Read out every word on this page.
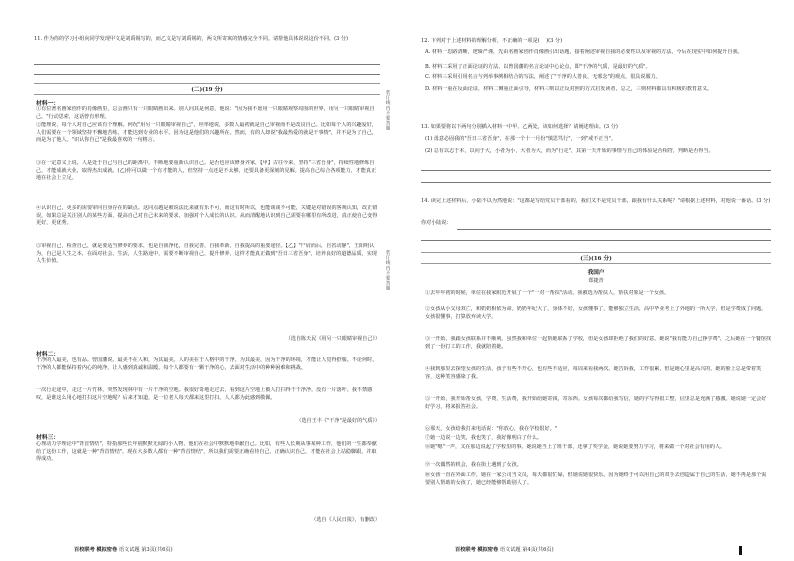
11. 作为你的学习小组向同学发现甲文是刘禹锡写的，而乙文是写刘禹锡的，两文所寄寓的情感完全不同。请帮他具体说说这份不同。(3 分)
(二)(19 分)
材料一：
①有位著名画家创作的肖像画里，总会画只有一只眼睛画出来。别人问其是何意，他说："因为我不愿用一只眼睛观察周围的世界，用另一只眼睛审视自己。"行动思索，这话曾有形理。
②能理说，每个人对自己应该有个理解。何况"用另一只眼睛审视自己"，坦率地说，多数人最初就是自己审视而不是改良自己。比如每个人的兴趣爱好，人们需要在一个领域坚持不懈地苦练，才能达到专业的水平。因为这是他们的兴趣所在。然而，有的人却说"我最热爱的就是干事情"，并不是为了自己，而是为了他人。"识认你自己"是我最喜欢的一句格言。
③在一定意义上说，人是处于自己与自己的距离中。不断地要重新认识自己。是否也应该修身齐家，【甲】古往今来，坚持"三省吾身"，持续性地修炼自己，才能成就大业，取得杰出成就。(乙)你可以做一个有才能的人，但坚持一点还是不太够，还要具备更深刻的见解。提高自己综合各项能力，才能真正地在社会上立足。
④认识自己，更多的需要审问自身存在的缺点。这同点越是被说法比来就有乐不可，而这有时所以，也能谈谈不可能，关键是对错误的客观认知，改正错误，如果总是关注别人的某些方面，提高自己对自己未来的要求，加强对个人成长的认识。从而清醒地认识到自己需要在哪里有所改进，真正使自己变得更好，更优秀。
⑤审视自己，检查自己，就是要适当修养的要求，也是自我净化，自我完善，自我革新，自我提高的重要途径。【乙】"尸肩而后，自省动静"，王阳明认为，自己是人生之本，在面对社会、生活，人生路途中，需要不断审视自己，提升修养，这样才能真正做到"吾日三省吾身"，培养良好的道德品质，实现人生价值。
（选自陈天民《用另一只眼睛审视自己》）
材料二：
干净的人最美，也有品。曾国藩说，最美不在人和，为其最美。人的美在于人格中的干净。为其最美，因为干净的环境，才能让人觉得舒服。不论何时，干净的人都能保持着内心的纯净，让人感到真诚和温暖。每个人都要有一颗干净的心，去面对生活中的种种困难和挑战。
一次行走途中，走过一片竹林，突然发现林中有一片干净的空地。我很好奇地走过去，看到这片空地上被人打扫得干干净净，没有一片落叶。我不禁感叹，是谁这么用心地打扫这片空地呢？后来才知道，是一位老人每天都来这里打扫。人人都为此感到敬佩。
（选自王丰《"干净"是最好的气质》）
材料三：
心理动力学理论中"背首情结"，特指那些长年别默默无闻的小人物，他们在社会中默默地奉献自己。比如，有些人长期从事某种工作，他们的一生都奉献给了这份工作，这就是一种"背首情结"。现在大多数人都有一种"背首情结"，所以我们需要正确看待自己，正确认识自己，才能在社会上站稳脚跟，并取得成功。
（选自《人民日报》，有删改）
百校联考 模拟密卷 语文试题 第3页(共6页)
装订线内不要答题
装订线内不要答题
12. 下列对于上述材料的理解分析，不正确的一项是(    )(3 分)
A. 材料一思路清晰，逻辑严谨，先由名画家创作肖像画引出话题，接着阐述审视自我的必要性以及审视的方法，今后在现实中如何提升自我。
B. 材料二采用了正面论证的方法，以曾国藩的名言论证中心论点，即"干净的气质，是最好的气质"。
C. 材料三采用引用名言与列举事例相结合的写法，阐述了"干净的人善良，无邪念"的观点，很具说服力。
D. 材料一重在反面论证，材料二侧重正面引导，材料三则以正反对照的方式启发读者，总之，三则材料都具有积极的教育意义。
13. 如果要将以下两句分别插入材料一中甲、乙两处，该如何选择？请阐述理由。(3 分)
(1) 毋意必固我的"吾日三省吾身"，在那一个十一月份"慎思笃行"，一到"戒不正当"。
(2) 总有以志于本，以向于大，小者为小，大者为大，而为"行走"，其第一天开始的事情与自己的体验是否相符，判断是否得当。
14. 读完上述材料后，小陆不以为然地说："这都是写给党员干部看的，我们又不是党员干部，跟我有什么关系呢？"请根据上述材料，对他说一番话。(3 分)
你对小陆说：
(三)(16 分)
我国户
郑捷青
①去年年初的时候，单位在我家附近开展了一个"一对一帮扶"活动。我被选为帮扶人，帮扶对象是一个女孩。
②女孩从小父母双亡，和奶奶相依为命。奶奶年纪大了，身体不好，女孩懂事了，能够独立生活，高中毕业考上了外地的一所大学，但是学费成了问题。女孩很懂事，打算放弃读大学。
③一开始，我跟女孩联系并不顺利。虽然我和单位一起帮她联系了学校，但是女孩却拒绝了我们的好意。她说"我有能力自己挣学费"，之后她在一个餐馆找到了一份打工的工作，我就陪着她。
④我到那里去探望女孩的生活，孩子有些不开心，也有些不适应，每周来看我两次。她告诉我，工作很累，但是她心里是高兴的，她的脸上总是带着笑容，这种笑容感染了我。
⑤一开始，我开始帮女孩，学费，生活费，我开始给她寄钱，寄东西。女孩每次都给我写信，她的字写得很工整，信里总是充满了感激。她说她一定会好好学习，将来报答社会。
⑥那天，女孩给我打来电话说："你放心，我在学校很好。"
⑦她一边说一边笑，我也笑了，我好像明白了什么。
⑧她"嗯"一声，又在那边说起了学校里的事。她说她当上了班干部，还拿了奖学金，她说她要努力学习，将来做一个对社会有用的人。
⑨一次偶然的机会，我在街上遇到了女孩。
⑩女孩一直在外面工作，她在一家公司当文员，每天都很忙碌，但她说她很快乐。因为她终于可以用自己的双手去创造属于自己的生活，她不再是那个需要别人帮助的女孩了，她已经能够帮助别人了。
百校联考 模拟密卷 语文试题 第4页(共6页)
